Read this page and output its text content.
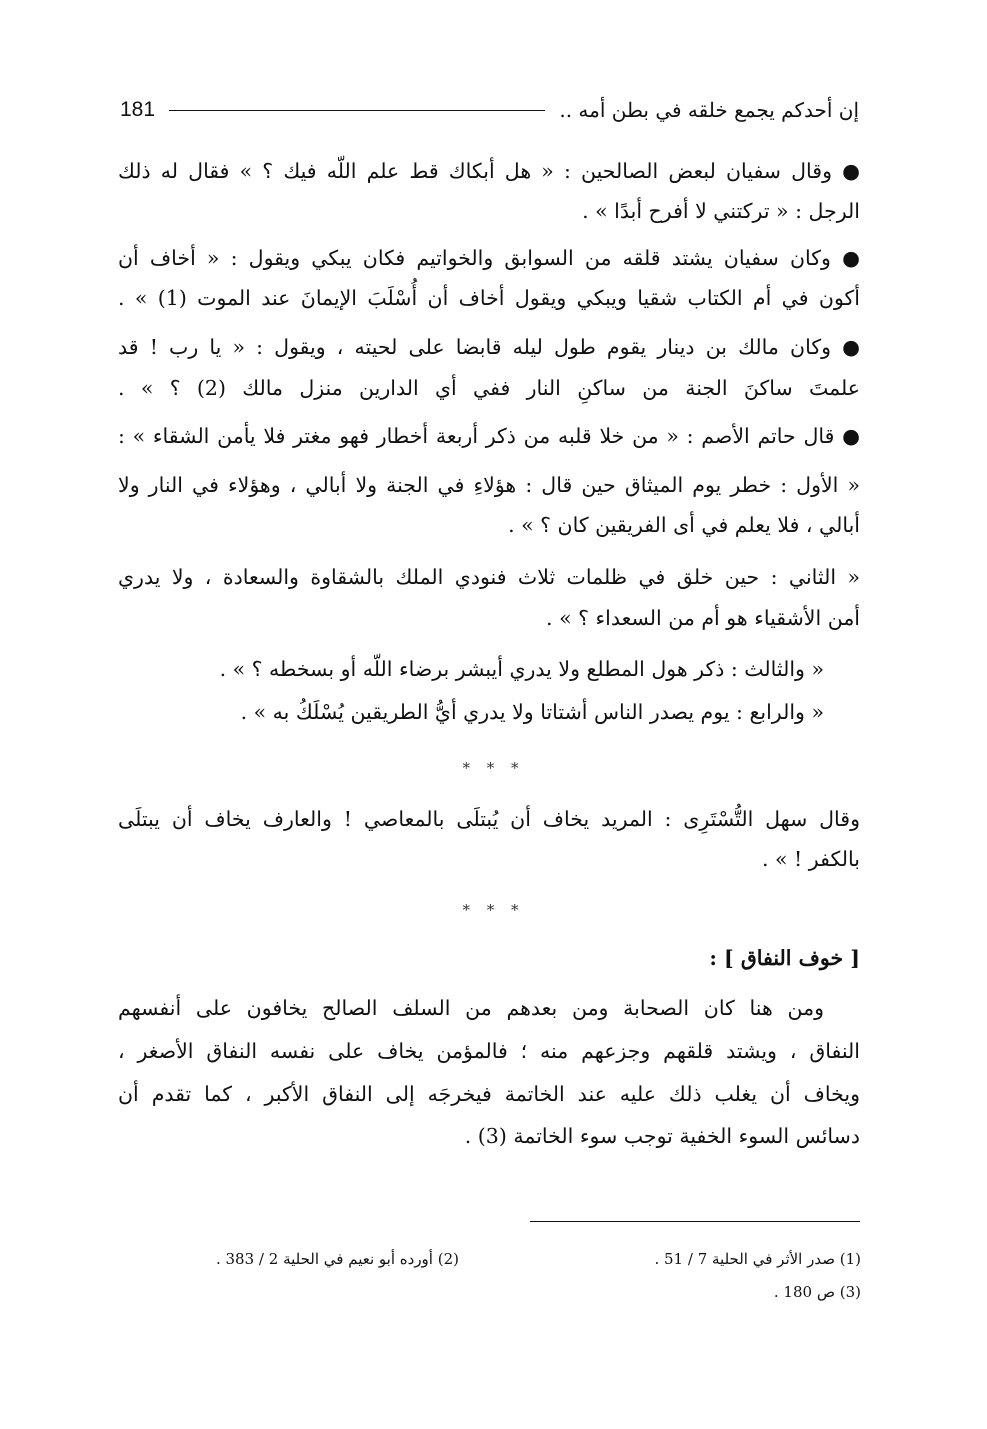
إن أحدكم يجمع خلقه في بطن أمه ..
181
● وقال سفيان لبعض الصالحين : « هل أبكاك قط علم اللّه فيك ؟ » فقال له ذلك
الرجل : « تركتني لا أفرح أبدًا » .
● وكان سفيان يشتد قلقه من السوابق والخواتيم فكان يبكي ويقول : « أخاف أن
أكون في أم الكتاب شقيا ويبكي ويقول أخاف أن أُسْلَبَ الإيمانَ عند الموت (1) » .
● وكان مالك بن دينار يقوم طول ليله قابضا على لحيته ، ويقول : « يا رب ! قد
علمتَ ساكنَ الجنة من ساكنِ النار ففي أي الدارين منزل مالك (2) ؟ » .
● قال حاتم الأصم : « من خلا قلبه من ذكر أربعة أخطار فهو مغتر فلا يأمن الشقاء » :
« الأول : خطر يوم الميثاق حين قال : هؤلاءِ في الجنة ولا أبالي ، وهؤلاء في النار ولا
أبالي ، فلا يعلم في أى الفريقين كان ؟ » .
« الثاني : حين خلق في ظلمات ثلاث فنودي الملك بالشقاوة والسعادة ، ولا يدري
أمن الأشقياء هو أم من السعداء ؟ » .
« والثالث : ذكر هول المطلع ولا يدري أيبشر برضاء اللّه أو بسخطه ؟ » .
« والرابع : يوم يصدر الناس أشتاتا ولا يدري أيُّ الطريقين يُسْلَكُ به » .
* * *
وقال سهل التُّسْتَرِى : المريد يخاف أن يُبتلَى بالمعاصي ! والعارف يخاف أن يبتلَى
بالكفر ! » .
* * *
[ خوف النفاق ] :
ومن هنا كان الصحابة ومن بعدهم من السلف الصالح يخافون على أنفسهم
النفاق ، ويشتد قلقهم وجزعهم منه ؛ فالمؤمن يخاف على نفسه النفاق الأصغر ،
ويخاف أن يغلب ذلك عليه عند الخاتمة فيخرجَه إلى النفاق الأكبر ، كما تقدم أن
دسائس السوء الخفية توجب سوء الخاتمة (3) .
(1) صدر الأثر في الحلية 7 / 51 .
(2) أورده أبو نعيم في الحلية 2 / 383 .
(3) ص 180 .
